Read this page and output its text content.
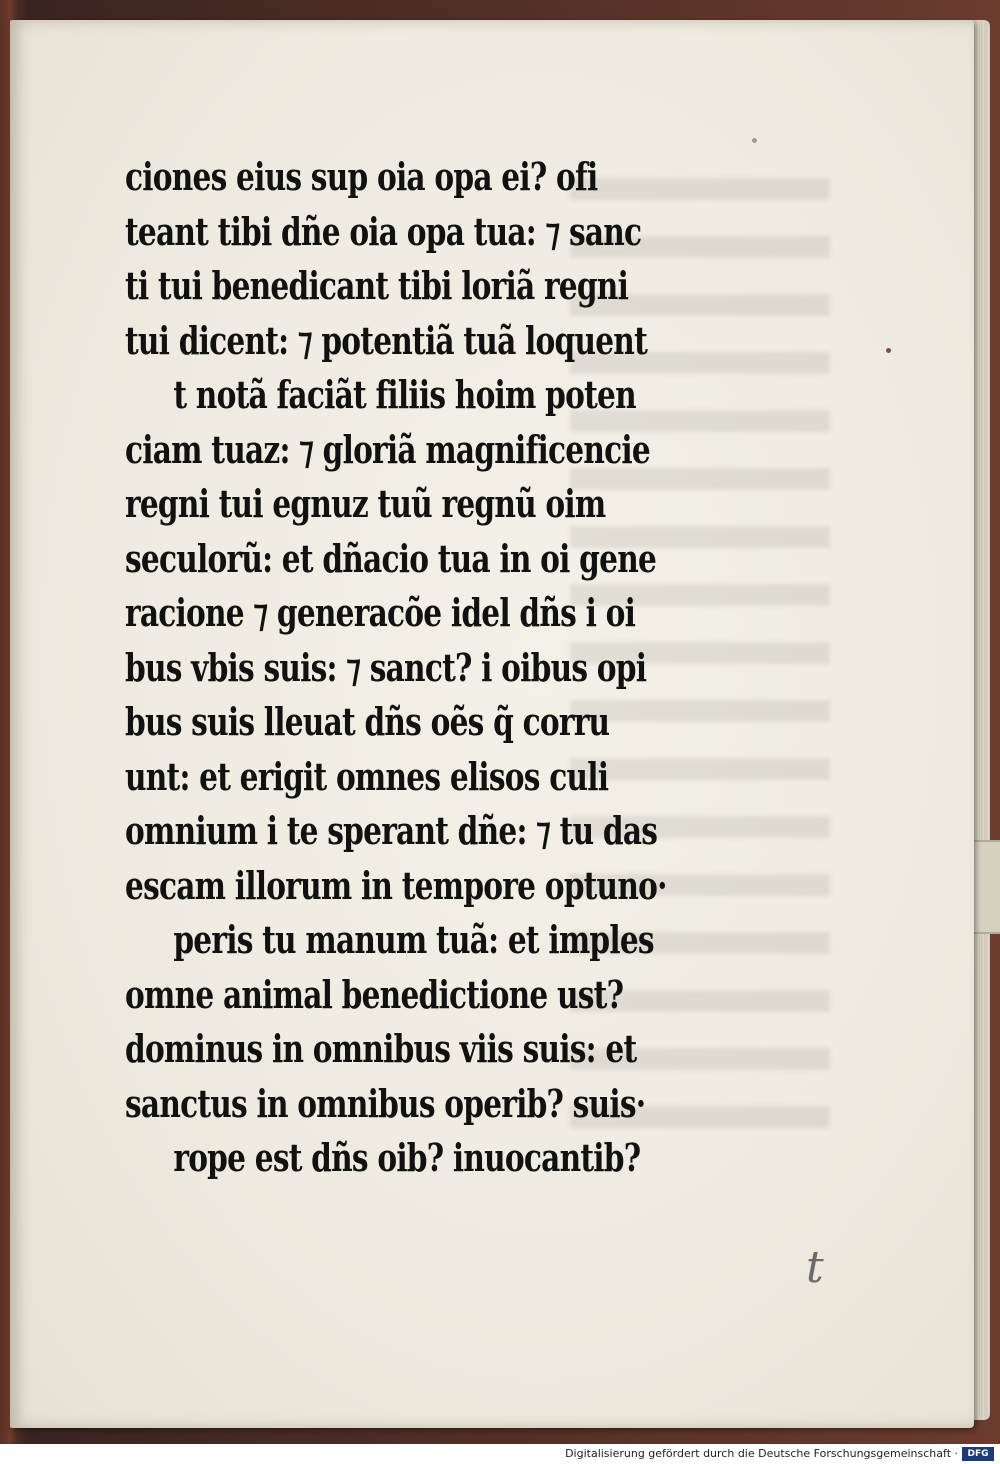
ciones eius sup oia opa ei? ofi
teant tibi dñe oia opa tua: ⁊ sanc
ti tui benedicant tibi loriã regni
tui dicent: ⁊ potentiã tuã loquent
t notã faciãt filiis hoim poten
ciam tuaz: ⁊ gloriã magnificencie
regni tui egnuz tuũ regnũ oim
seculorũ: et dñacio tua in oi gene
racione ⁊ generacõe idel dñs i oi
bus vbis suis: ⁊ sanct? i oibus opi
bus suis lleuat dñs oẽs q̃ corru
unt: et erigit omnes elisos culi
omnium i te sperant dñe: ⁊ tu das
escam illorum in tempore optuno·
peris tu manum tuã: et imples
omne animal benedictione ust?
dominus in omnibus viis suis: et
sanctus in omnibus operib? suis·
rope est dñs oib? inuocantib?
t
Digitalisierung gefördert durch die Deutsche Forschungsgemeinschaft ·	DFG
